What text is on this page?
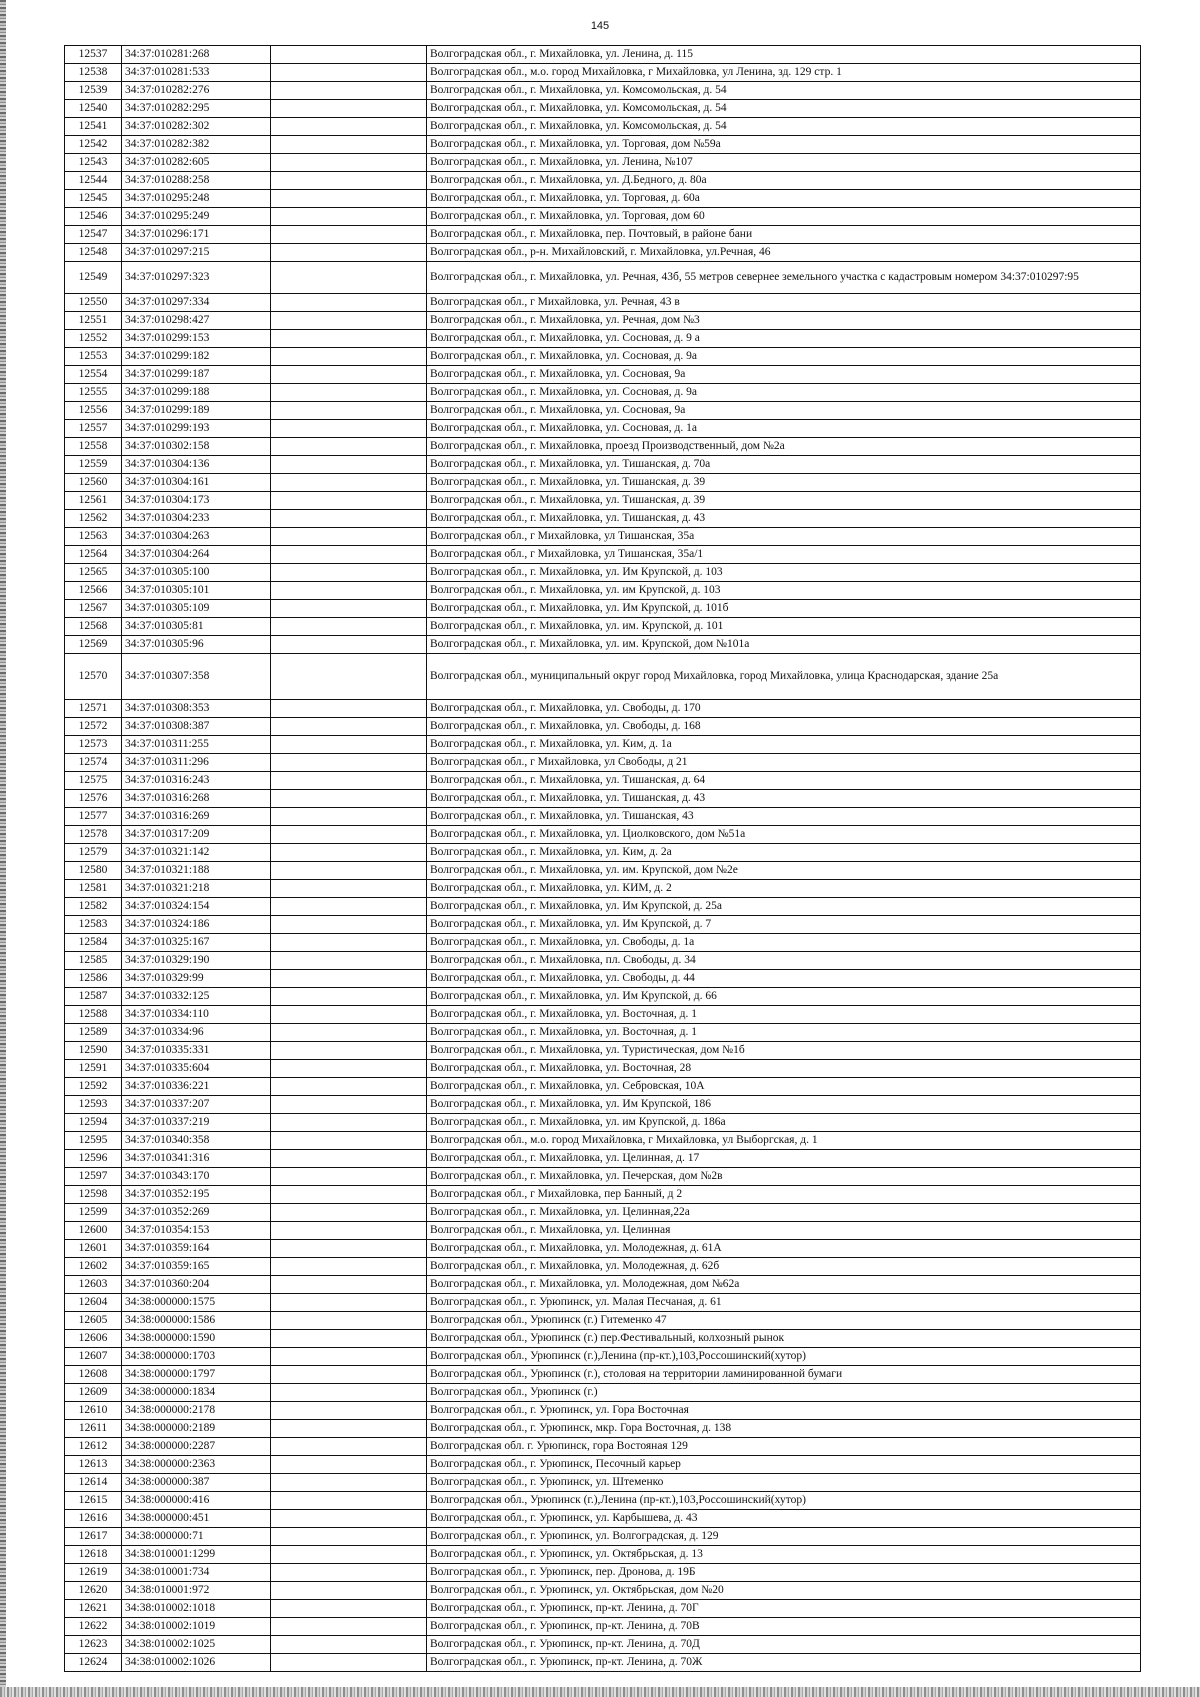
145
12537	34:37:010281:268		Волгоградская обл., г. Михайловка, ул. Ленина, д. 115
12538	34:37:010281:533		Волгоградская обл., м.о. город Михайловка, г Михайловка, ул Ленина, зд. 129 стр. 1
12539	34:37:010282:276		Волгоградская обл., г. Михайловка, ул. Комсомольская, д. 54
12540	34:37:010282:295		Волгоградская обл., г. Михайловка, ул. Комсомольская, д. 54
12541	34:37:010282:302		Волгоградская обл., г. Михайловка, ул. Комсомольская, д. 54
12542	34:37:010282:382		Волгоградская обл., г. Михайловка, ул. Торговая, дом №59а
12543	34:37:010282:605		Волгоградская обл., г. Михайловка, ул. Ленина, №107
12544	34:37:010288:258		Волгоградская обл., г. Михайловка, ул. Д.Бедного, д. 80а
12545	34:37:010295:248		Волгоградская обл., г. Михайловка, ул. Торговая, д. 60а
12546	34:37:010295:249		Волгоградская обл., г. Михайловка, ул. Торговая, дом 60
12547	34:37:010296:171		Волгоградская обл., г. Михайловка, пер. Почтовый, в районе бани
12548	34:37:010297:215		Волгоградская обл., р-н. Михайловский, г. Михайловка, ул.Речная, 46
12549	34:37:010297:323		Волгоградская обл., г. Михайловка, ул. Речная, 43б, 55 метров севернее земельного участка с кадастровым номером 34:37:010297:95
12550	34:37:010297:334		Волгоградская обл., г Михайловка, ул. Речная, 43 в
12551	34:37:010298:427		Волгоградская обл., г. Михайловка, ул. Речная, дом №3
12552	34:37:010299:153		Волгоградская обл., г. Михайловка, ул. Сосновая, д. 9 а
12553	34:37:010299:182		Волгоградская обл., г. Михайловка, ул. Сосновая, д. 9а
12554	34:37:010299:187		Волгоградская обл., г. Михайловка, ул. Сосновая, 9а
12555	34:37:010299:188		Волгоградская обл., г. Михайловка, ул. Сосновая, д. 9а
12556	34:37:010299:189		Волгоградская обл., г. Михайловка, ул. Сосновая, 9а
12557	34:37:010299:193		Волгоградская обл., г. Михайловка, ул. Сосновая, д. 1а
12558	34:37:010302:158		Волгоградская обл., г. Михайловка, проезд Производственный, дом №2а
12559	34:37:010304:136		Волгоградская обл., г. Михайловка, ул. Тишанская, д. 70а
12560	34:37:010304:161		Волгоградская обл., г. Михайловка, ул. Тишанская, д. 39
12561	34:37:010304:173		Волгоградская обл., г. Михайловка, ул. Тишанская, д. 39
12562	34:37:010304:233		Волгоградская обл., г. Михайловка, ул. Тишанская, д. 43
12563	34:37:010304:263		Волгоградская обл., г Михайловка, ул Тишанская, 35а
12564	34:37:010304:264		Волгоградская обл., г Михайловка, ул Тишанская, 35а/1
12565	34:37:010305:100		Волгоградская обл., г. Михайловка, ул. Им Крупской, д. 103
12566	34:37:010305:101		Волгоградская обл., г. Михайловка, ул. им Крупской, д. 103
12567	34:37:010305:109		Волгоградская обл., г. Михайловка, ул. Им Крупской, д. 101б
12568	34:37:010305:81		Волгоградская обл., г. Михайловка, ул. им. Крупской, д. 101
12569	34:37:010305:96		Волгоградская обл., г. Михайловка, ул. им. Крупской, дом №101а
12570	34:37:010307:358		Волгоградская обл., муниципальный округ город Михайловка, город Михайловка, улица Краснодарская, здание 25а
12571	34:37:010308:353		Волгоградская обл., г. Михайловка, ул. Свободы, д. 170
12572	34:37:010308:387		Волгоградская обл., г. Михайловка, ул. Свободы, д. 168
12573	34:37:010311:255		Волгоградская обл., г. Михайловка, ул. Ким, д. 1а
12574	34:37:010311:296		Волгоградская обл., г Михайловка, ул Свободы, д 21
12575	34:37:010316:243		Волгоградская обл., г. Михайловка, ул. Тишанская, д. 64
12576	34:37:010316:268		Волгоградская обл., г. Михайловка, ул. Тишанская, д. 43
12577	34:37:010316:269		Волгоградская обл., г. Михайловка, ул. Тишанская, 43
12578	34:37:010317:209		Волгоградская обл., г. Михайловка, ул. Циолковского, дом №51а
12579	34:37:010321:142		Волгоградская обл., г. Михайловка, ул. Ким, д. 2а
12580	34:37:010321:188		Волгоградская обл., г. Михайловка, ул. им. Крупской, дом №2е
12581	34:37:010321:218		Волгоградская обл., г. Михайловка, ул. КИМ, д. 2
12582	34:37:010324:154		Волгоградская обл., г. Михайловка, ул. Им Крупской, д. 25а
12583	34:37:010324:186		Волгоградская обл., г. Михайловка, ул. Им Крупской, д. 7
12584	34:37:010325:167		Волгоградская обл., г. Михайловка, ул. Свободы, д. 1а
12585	34:37:010329:190		Волгоградская обл., г. Михайловка, пл. Свободы, д. 34
12586	34:37:010329:99		Волгоградская обл., г. Михайловка, ул. Свободы, д. 44
12587	34:37:010332:125		Волгоградская обл., г. Михайловка, ул. Им Крупской, д. 66
12588	34:37:010334:110		Волгоградская обл., г. Михайловка, ул. Восточная, д. 1
12589	34:37:010334:96		Волгоградская обл., г. Михайловка, ул. Восточная, д. 1
12590	34:37:010335:331		Волгоградская обл., г. Михайловка, ул. Туристическая, дом №1б
12591	34:37:010335:604		Волгоградская обл., г. Михайловка, ул. Восточная, 28
12592	34:37:010336:221		Волгоградская обл., г. Михайловка, ул. Себровская, 10А
12593	34:37:010337:207		Волгоградская обл., г. Михайловка, ул. Им Крупской, 186
12594	34:37:010337:219		Волгоградская обл., г. Михайловка, ул. им Крупской, д. 186а
12595	34:37:010340:358		Волгоградская обл., м.о. город Михайловка, г Михайловка, ул Выборгская, д. 1
12596	34:37:010341:316		Волгоградская обл., г. Михайловка, ул. Целинная, д. 17
12597	34:37:010343:170		Волгоградская обл., г. Михайловка, ул. Печерская, дом №2в
12598	34:37:010352:195		Волгоградская обл., г Михайловка, пер Банный, д 2
12599	34:37:010352:269		Волгоградская обл., г. Михайловка, ул. Целинная,22а
12600	34:37:010354:153		Волгоградская обл., г. Михайловка, ул. Целинная
12601	34:37:010359:164		Волгоградская обл., г. Михайловка, ул. Молодежная, д. 61А
12602	34:37:010359:165		Волгоградская обл., г. Михайловка, ул. Молодежная, д. 62б
12603	34:37:010360:204		Волгоградская обл., г. Михайловка, ул. Молодежная, дом №62а
12604	34:38:000000:1575		Волгоградская обл., г. Урюпинск, ул. Малая Песчаная, д. 61
12605	34:38:000000:1586		Волгоградская обл., Урюпинск (г.) Гитеменко 47
12606	34:38:000000:1590		Волгоградская обл., Урюпинск (г.) пер.Фестивальный, колхозный рынок
12607	34:38:000000:1703		Волгоградская обл., Урюпинск (г.),Ленина (пр-кт.),103,Россошинский(хутор)
12608	34:38:000000:1797		Волгоградская обл., Урюпинск (г.), столовая на территории ламинированной бумаги
12609	34:38:000000:1834		Волгоградская обл., Урюпинск (г.)
12610	34:38:000000:2178		Волгоградская обл., г. Урюпинск, ул. Гора Восточная
12611	34:38:000000:2189		Волгоградская обл., г. Урюпинск, мкр. Гора Восточная, д. 138
12612	34:38:000000:2287		Волгоградская обл. г. Урюпинск, гора Востояная 129
12613	34:38:000000:2363		Волгоградская обл., г. Урюпинск, Песочный карьер
12614	34:38:000000:387		Волгоградская обл., г. Урюпинск, ул. Штеменко
12615	34:38:000000:416		Волгоградская обл., Урюпинск (г.),Ленина (пр-кт.),103,Россошинский(хутор)
12616	34:38:000000:451		Волгоградская обл., г. Урюпинск, ул. Карбышева, д. 43
12617	34:38:000000:71		Волгоградская обл., г. Урюпинск, ул. Волгоградская, д. 129
12618	34:38:010001:1299		Волгоградская обл., г. Урюпинск, ул. Октябрьская, д. 13
12619	34:38:010001:734		Волгоградская обл., г. Урюпинск, пер. Дронова, д. 19Б
12620	34:38:010001:972		Волгоградская обл., г. Урюпинск, ул. Октябрьская, дом №20
12621	34:38:010002:1018		Волгоградская обл., г. Урюпинск, пр-кт. Ленина, д. 70Г
12622	34:38:010002:1019		Волгоградская обл., г. Урюпинск, пр-кт. Ленина, д. 70В
12623	34:38:010002:1025		Волгоградская обл., г. Урюпинск, пр-кт. Ленина, д. 70Д
12624	34:38:010002:1026		Волгоградская обл., г. Урюпинск, пр-кт. Ленина, д. 70Ж
